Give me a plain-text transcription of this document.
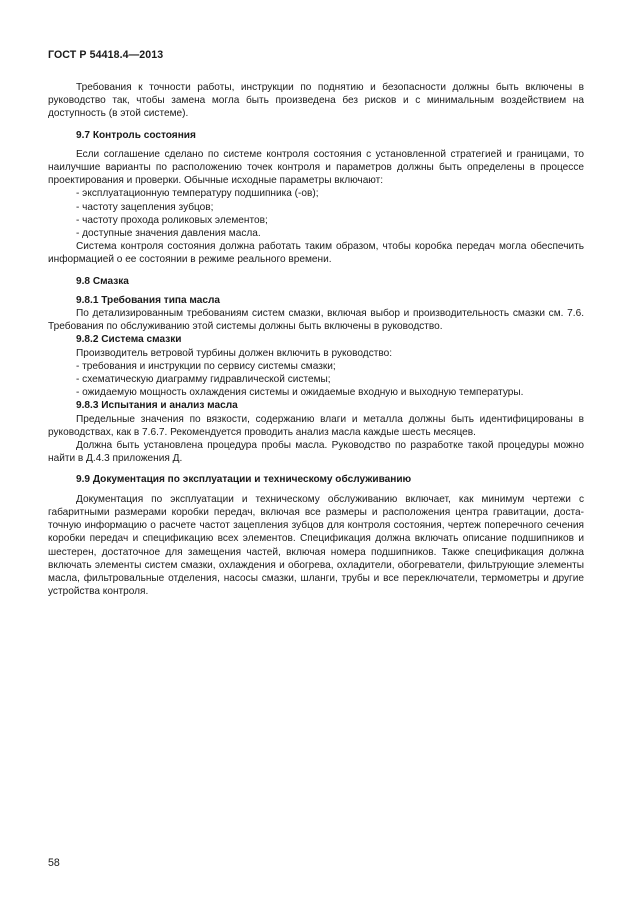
ГОСТ Р 54418.4—2013

Требования к точности работы, инструкции по поднятию и безопасности должны быть включены в руководство так, чтобы замена могла быть произведена без рисков и с минимальным воздействием на доступность (в этой системе).

9.7 Контроль состояния

Если соглашение сделано по системе контроля состояния с установленной стратегией и границами, то наилучшие варианты по расположению точек контроля и параметров должны быть определены в процессе проектирования и проверки. Обычные исходные параметры включают:

- эксплуатационную температуру подшипника (-ов);
- частоту зацепления зубцов;
- частоту прохода роликовых элементов;
- доступные значения давления масла.

Система контроля состояния должна работать таким образом, чтобы коробка передач могла обеспечить информацией о ее состоянии в режиме реального времени.

9.8 Смазка
9.8.1 Требования типа масла

По детализированным требованиям систем смазки, включая выбор и производительность смазки см. 7.6. Требования по обслуживанию этой системы должны быть включены в руководство.

9.8.2 Система смазки

Производитель ветровой турбины должен включить в руководство:

- требования и инструкции по сервису системы смазки;
- схематическую диаграмму гидравлической системы;
- ожидаемую мощность охлаждения системы и ожидаемые входную и выходную температуры.
9.8.3 Испытания и анализ масла

Предельные значения по вязкости, содержанию влаги и металла должны быть идентифицированы в руководствах, как в 7.6.7. Рекомендуется проводить анализ масла каждые шесть месяцев.

Должна быть установлена процедура пробы масла. Руководство по разработке такой процедуры можно найти в Д.4.3 приложения Д.

9.9 Документация по эксплуатации и техническому обслуживанию

Документация по эксплуатации и техническому обслуживанию включает, как минимум чертежи с габаритными размерами коробки передач, включая все размеры и расположения центра гравитации, достаточную информацию о расчете частот зацепления зубцов для контроля состояния, чертеж поперечного сечения коробки передач и спецификацию всех элементов. Спецификация должна включать описание подшипников и шестерен, достаточное для замещения частей, включая номера подшипников. Также спецификация должна включать элементы систем смазки, охлаждения и обогрева, охладители, обогреватели, фильтрующие элементы масла, фильтровальные отделения, насосы смазки, шланги, трубы и все переключатели, термометры и другие устройства контроля.

58
